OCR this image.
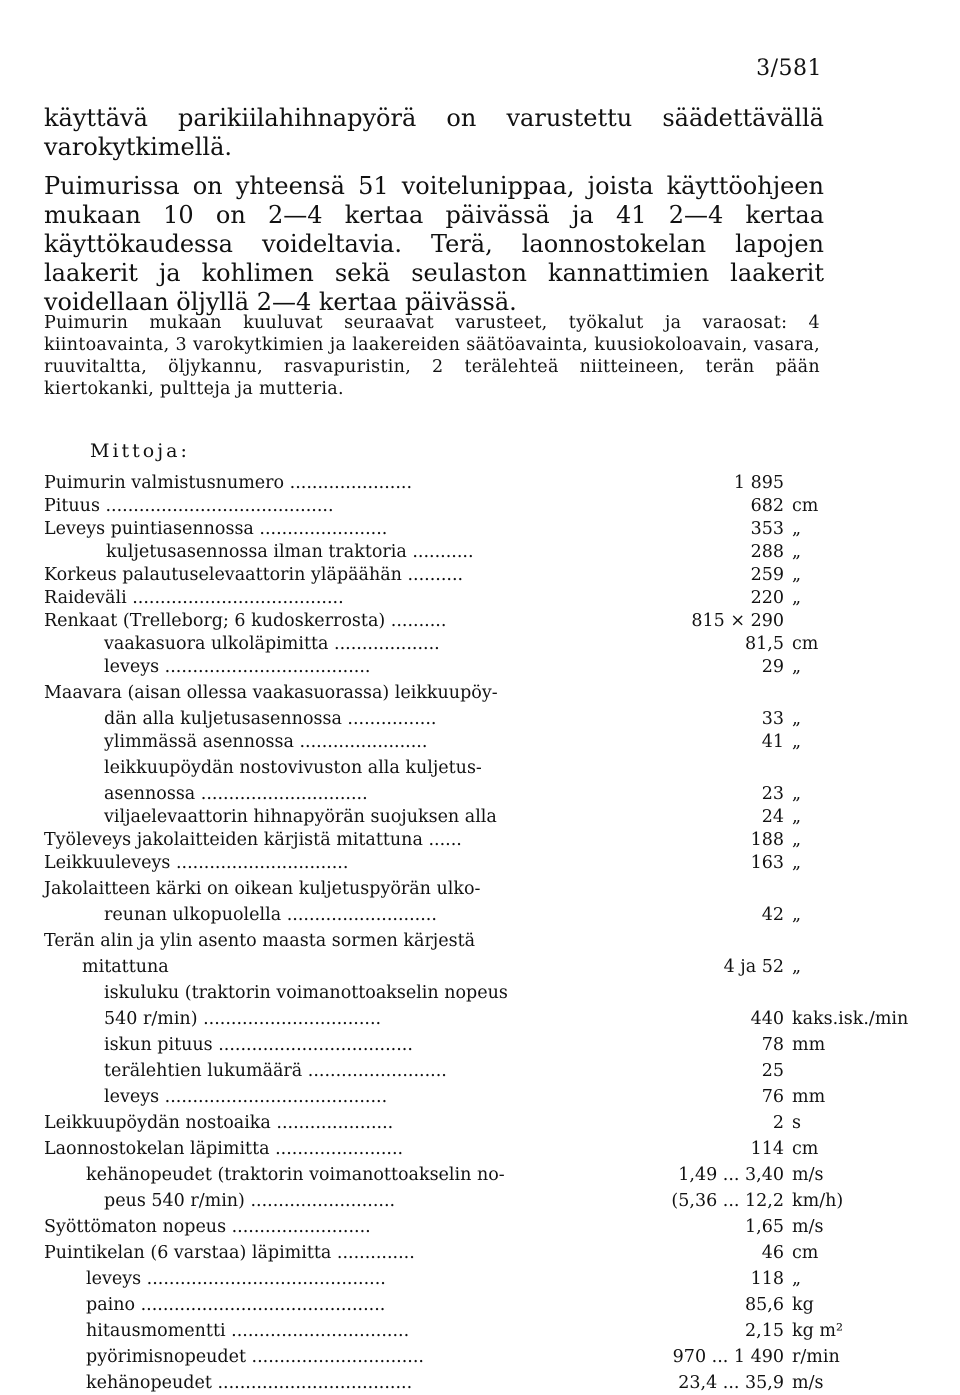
3/581

käyttävä parikiilahihnapyörä on varustettu säädettävällä varokytkimellä.

Puimurissa on yhteensä 51 voitelunippaa, joista käyttöohjeen mukaan 10 on 2—4 kertaa päivässä ja 41 2—4 kertaa käyttökaudessa voideltavia. Terä, laonnostokelan lapojen laakerit ja kohlimen sekä seulaston kannattimien laakerit voidellaan öljyllä 2—4 kertaa päivässä.

Puimurin mukaan kuuluvat seuraavat varusteet, työkalut ja varaosat: 4 kiintoavainta, 3 varokytkimien ja laakereiden säätöavainta, kuusiokoloavain, vasara, ruuvitaltta, öljykannu, rasvapuristin, 2 terälehteä niitteineen, terän pään kiertokanki, pultteja ja mutteria.

Mittoja:
Puimurin valmistusnumero ......................	1 895
Pituus .........................................	682 cm
Leveys puintiasennossa .......................	353 „
kuljetusasennossa ilman traktoria ...........	288 „
Korkeus palautuselevaattorin yläpäähän ..........	259 „
Raideväli ......................................	220 „
Renkaat (Trelleborg; 6 kudoskerrosta) ..........	815 × 290
vaakasuora ulkoläpimitta ...................	81,5 cm
leveys .....................................	29 „
Maavara (aisan ollessa vaakasuorassa) leikkuupöy-
dän alla kuljetusasennossa ................	33 „
ylimmässä asennossa .......................	41 „
leikkuupöydän nostovivuston alla kuljetus-
asennossa ..............................	23 „
viljaelevaattorin hihnapyörän suojuksen alla	24 „
Työleveys jakolaitteiden kärjistä mitattuna ......	188 „
Leikkuuleveys ...............................	163 „
Jakolaitteen kärki on oikean kuljetuspyörän ulko-
reunan ulkopuolella ...........................	42 „
Terän alin ja ylin asento maasta sormen kärjestä
mitattuna	4 ja 52 „
iskuluku (traktorin voimanottoakselin nopeus
540 r/min) ................................	440 kaks.isk./min
iskun pituus ...................................	78 mm
terälehtien lukumäärä .........................	25
leveys ........................................	76 mm
Leikkuupöydän nostoaika .....................	2 s
Laonnostokelan läpimitta .......................	114 cm
kehänopeudet (traktorin voimanottoakselin no-	1,49 ... 3,40 m/s
peus 540 r/min) ..........................	(5,36 ... 12,2 km/h)
Syöttömaton nopeus .........................	1,65 m/s
Puintikelan (6 varstaa) läpimitta ..............	46 cm
leveys ...........................................	118 „
paino ............................................	85,6 kg
hitausmomentti ................................	2,15 kg m²
pyörimisnopeudet ...............................	970 ... 1 490 r/min
kehänopeudet ...................................	23,4 ... 35,9 m/s
